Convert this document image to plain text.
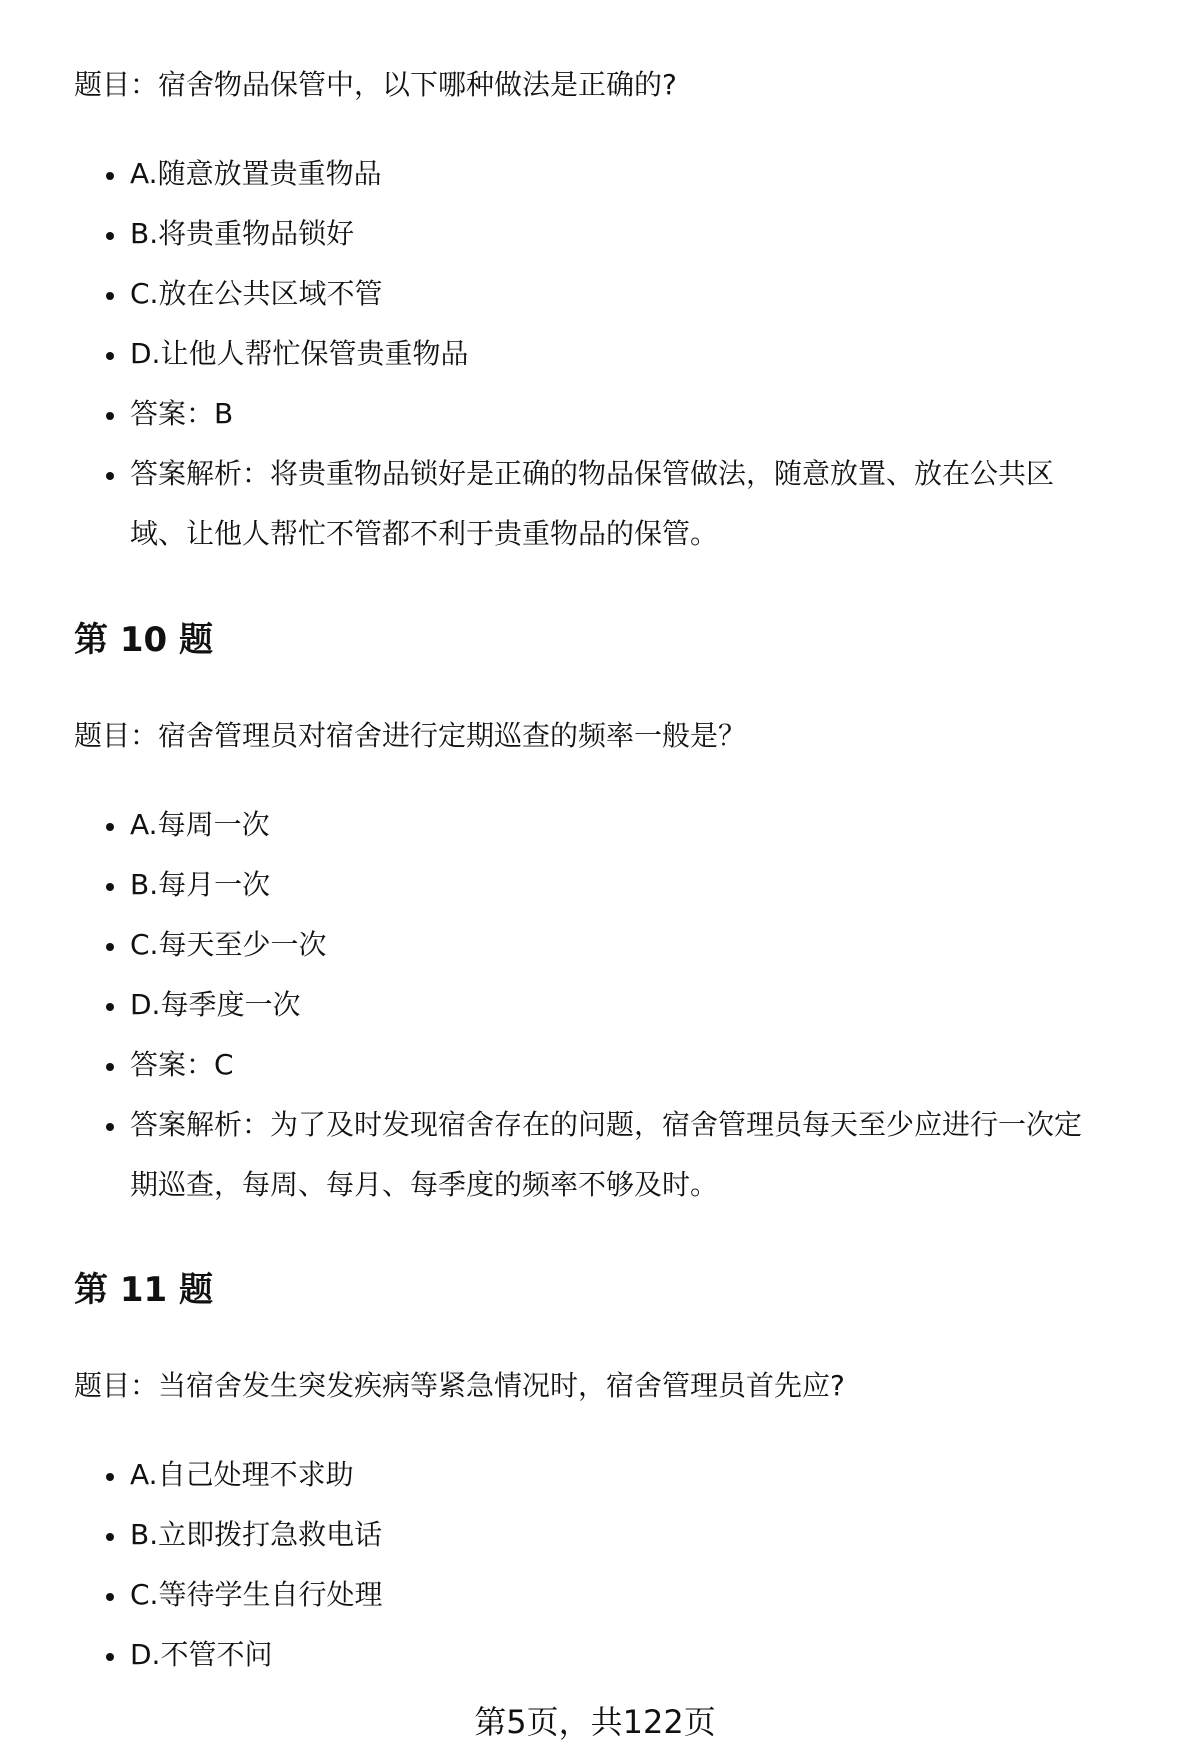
题目：宿舍物品保管中，以下哪种做法是正确的?

A.随意放置贵重物品
B.将贵重物品锁好
C.放在公共区域不管
D.让他人帮忙保管贵重物品
答案：B
答案解析：将贵重物品锁好是正确的物品保管做法，随意放置、放在公共区
域、让他人帮忙不管都不利于贵重物品的保管。
第 10 题

题目：宿舍管理员对宿舍进行定期巡查的频率一般是？

A.每周一次
B.每月一次
C.每天至少一次
D.每季度一次
答案：C
答案解析：为了及时发现宿舍存在的问题，宿舍管理员每天至少应进行一次定
期巡查，每周、每月、每季度的频率不够及时。
第 11 题

题目：当宿舍发生突发疾病等紧急情况时，宿舍管理员首先应?

A.自己处理不求助
B.立即拨打急救电话
C.等待学生自行处理
D.不管不问
第5页，共122页
